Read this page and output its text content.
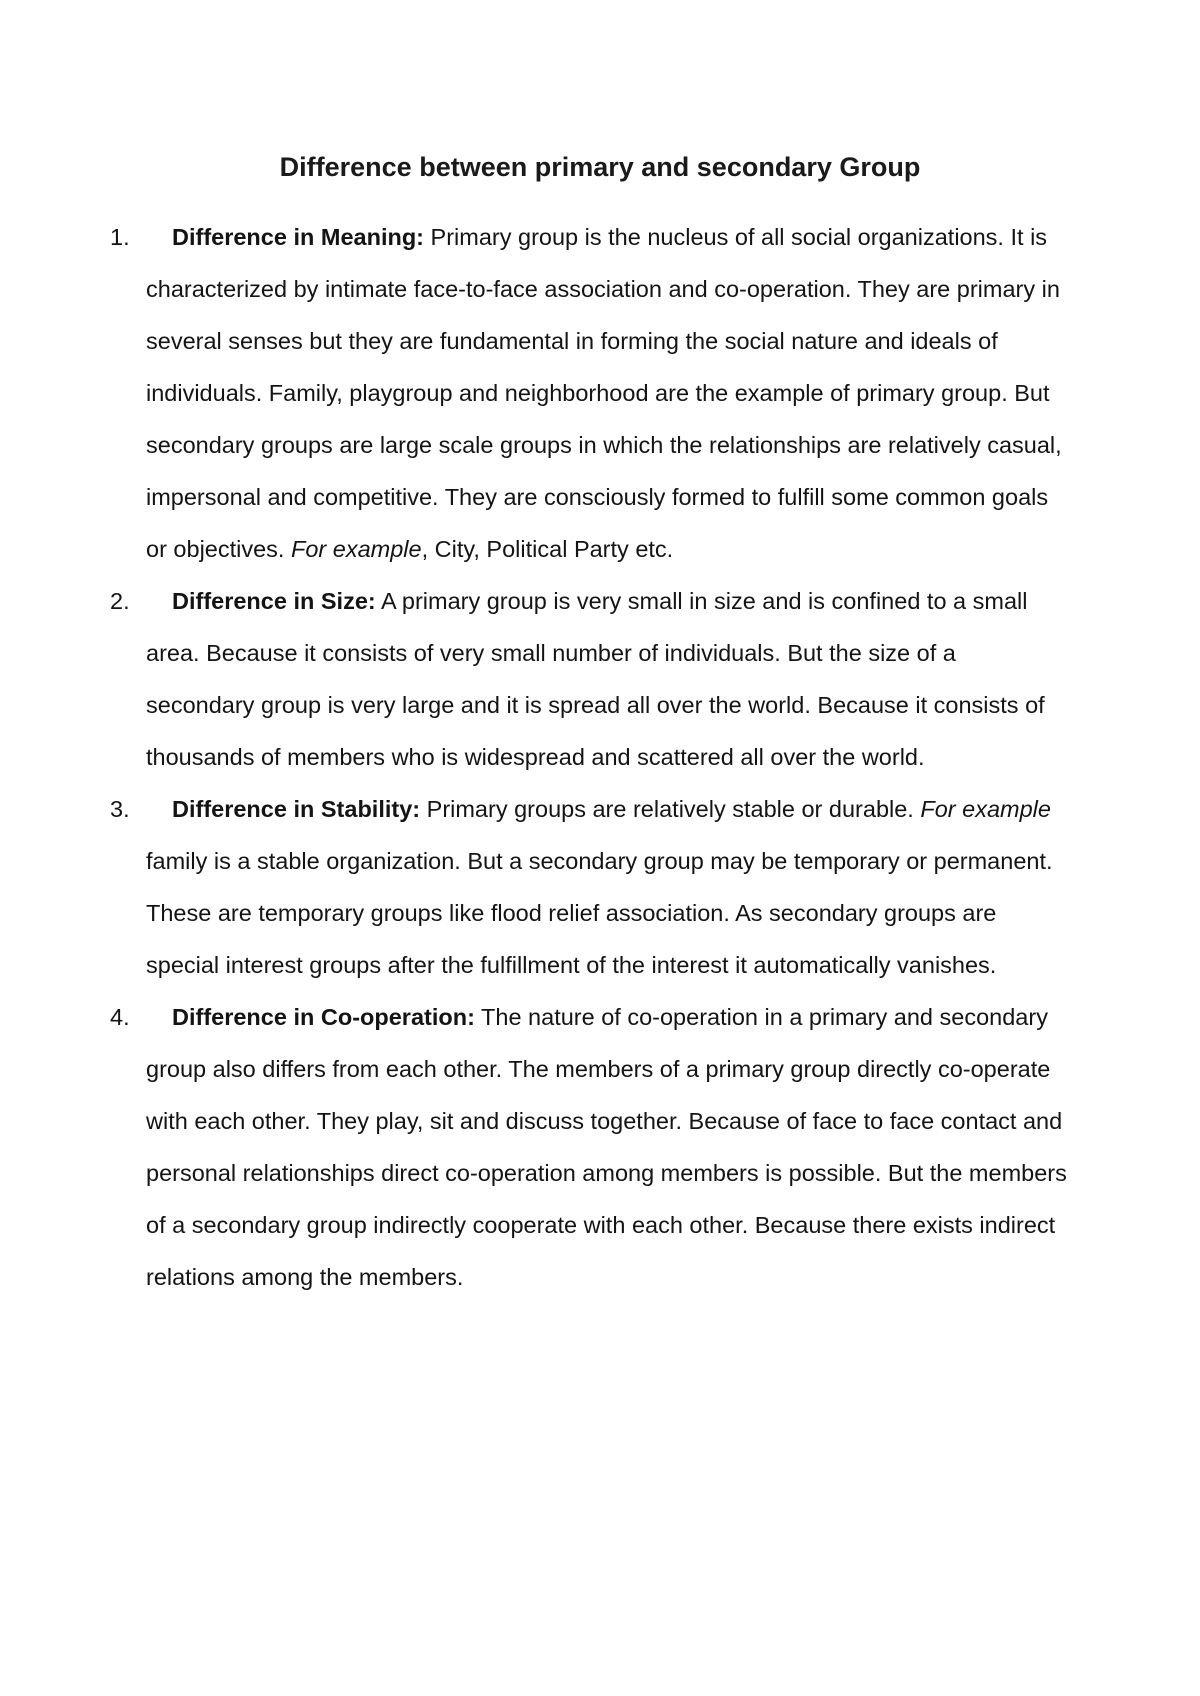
Difference between primary and secondary Group
1. Difference in Meaning: Primary group is the nucleus of all social organizations. It is characterized by intimate face-to-face association and co-operation. They are primary in several senses but they are fundamental in forming the social nature and ideals of individuals. Family, playgroup and neighborhood are the example of primary group. But secondary groups are large scale groups in which the relationships are relatively casual, impersonal and competitive. They are consciously formed to fulfill some common goals or objectives. For example, City, Political Party etc.
2. Difference in Size: A primary group is very small in size and is confined to a small area. Because it consists of very small number of individuals. But the size of a secondary group is very large and it is spread all over the world. Because it consists of thousands of members who is widespread and scattered all over the world.
3. Difference in Stability: Primary groups are relatively stable or durable. For example family is a stable organization. But a secondary group may be temporary or permanent. These are temporary groups like flood relief association. As secondary groups are special interest groups after the fulfillment of the interest it automatically vanishes.
4. Difference in Co-operation: The nature of co-operation in a primary and secondary group also differs from each other. The members of a primary group directly co-operate with each other. They play, sit and discuss together. Because of face to face contact and personal relationships direct co-operation among members is possible. But the members of a secondary group indirectly cooperate with each other. Because there exists indirect relations among the members.
